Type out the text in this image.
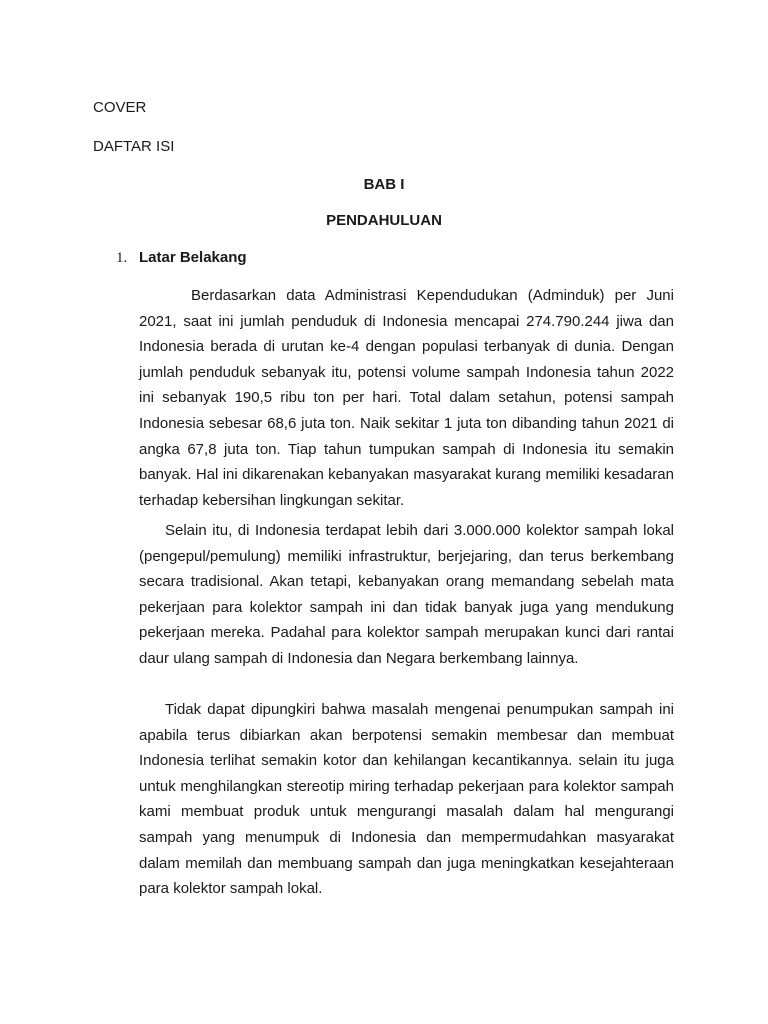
COVER
DAFTAR ISI
BAB I
PENDAHULUAN
1. Latar Belakang

Berdasarkan data Administrasi Kependudukan (Adminduk) per Juni 2021, saat ini jumlah penduduk di Indonesia mencapai 274.790.244 jiwa dan Indonesia berada di urutan ke-4 dengan populasi terbanyak di dunia. Dengan jumlah penduduk sebanyak itu, potensi volume sampah Indonesia tahun 2022 ini sebanyak 190,5 ribu ton per hari. Total dalam setahun, potensi sampah Indonesia sebesar 68,6 juta ton. Naik sekitar 1 juta ton dibanding tahun 2021 di angka 67,8 juta ton. Tiap tahun tumpukan sampah di Indonesia itu semakin banyak. Hal ini dikarenakan kebanyakan masyarakat kurang memiliki kesadaran terhadap kebersihan lingkungan sekitar.

Selain itu, di Indonesia terdapat lebih dari 3.000.000 kolektor sampah lokal (pengepul/pemulung) memiliki infrastruktur, berjejaring, dan terus berkembang secara tradisional. Akan tetapi, kebanyakan orang memandang sebelah mata pekerjaan para kolektor sampah ini dan tidak banyak juga yang mendukung pekerjaan mereka. Padahal para kolektor sampah merupakan kunci dari rantai daur ulang sampah di Indonesia dan Negara berkembang lainnya.

Tidak dapat dipungkiri bahwa masalah mengenai penumpukan sampah ini apabila terus dibiarkan akan berpotensi semakin membesar dan membuat Indonesia terlihat semakin kotor dan kehilangan kecantikannya. selain itu juga untuk menghilangkan stereotip miring terhadap pekerjaan para kolektor sampah kami membuat produk untuk mengurangi masalah dalam hal mengurangi sampah yang menumpuk di Indonesia dan mempermudahkan masyarakat dalam memilah dan membuang sampah dan juga meningkatkan kesejahteraan para kolektor sampah lokal.
